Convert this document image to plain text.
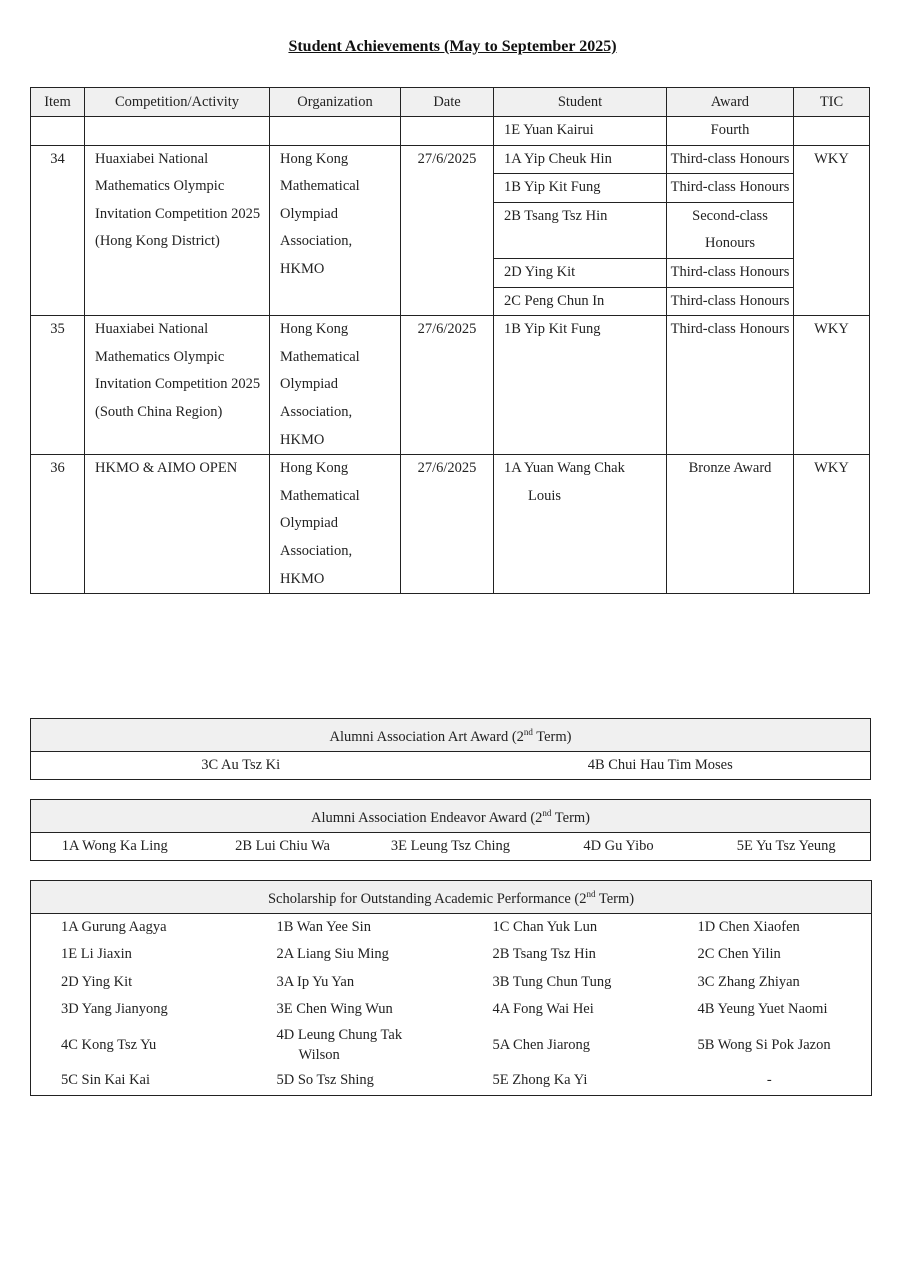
Student Achievements (May to September 2025)
Item	Competition/Activity	Organization	Date	Student	Award	TIC
				1E Yuan Kairui	Fourth	
34	Huaxiabei National Mathematics Olympic Invitation Competition 2025 (Hong Kong District)	Hong Kong Mathematical Olympiad Association, HKMO	27/6/2025	1A Yip Cheuk Hin	Third-class Honours	WKY
				1B Yip Kit Fung	Third-class Honours	
				2B Tsang Tsz Hin	Second-class Honours	
				2D Ying Kit	Third-class Honours	
				2C Peng Chun In	Third-class Honours	
35	Huaxiabei National Mathematics Olympic Invitation Competition 2025 (South China Region)	Hong Kong Mathematical Olympiad Association, HKMO	27/6/2025	1B Yip Kit Fung	Third-class Honours	WKY
36	HKMO & AIMO OPEN	Hong Kong Mathematical Olympiad Association, HKMO	27/6/2025	1A Yuan Wang Chak
Louis	Bronze Award	WKY
Alumni Association Art Award (2nd Term)
3C Au Tsz Ki	4B Chui Hau Tim Moses
Alumni Association Endeavor Award (2nd Term)
1A Wong Ka Ling	2B Lui Chiu Wa	3E Leung Tsz Ching	4D Gu Yibo	5E Yu Tsz Yeung
Scholarship for Outstanding Academic Performance (2nd Term)			
1A Gurung Aagya	1B Wan Yee Sin	1C Chan Yuk Lun	1D Chen Xiaofen
1E Li Jiaxin	2A Liang Siu Ming	2B Tsang Tsz Hin	2C Chen Yilin
2D Ying Kit	3A Ip Yu Yan	3B Tung Chun Tung	3C Zhang Zhiyan
3D Yang Jianyong	3E Chen Wing Wun	4A Fong Wai Hei	4B Yeung Yuet Naomi
4C Kong Tsz Yu	4D Leung Chung Tak
Wilson	5A Chen Jiarong	5B Wong Si Pok Jazon
5C Sin Kai Kai	5D So Tsz Shing	5E Zhong Ka Yi	-
